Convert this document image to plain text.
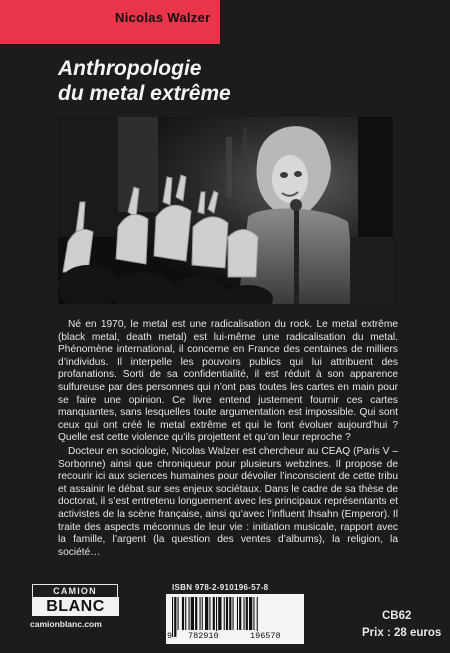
Nicolas Walzer
Anthropologie
du metal extrême

Né en 1970, le metal est une radicalisation du rock. Le metal extrême (black metal, death metal) est lui-même une radicalisation du metal. Phénomène international, il concerne en France des centaines de milliers d’individus. Il interpelle les pouvoirs publics qui lui attribuent des profanations. Sorti de sa confidentialité, il est réduit à son apparence sulfureuse par des personnes qui n’ont pas toutes les cartes en main pour se faire une opinion. Ce livre entend justement fournir ces cartes manquantes, sans lesquelles toute argumentation est impossible. Qui sont ceux qui ont créé le metal extrême et qui le font évoluer aujourd’hui ? Quelle est cette violence qu’ils projettent et qu’on leur reproche ?

Docteur en sociologie, Nicolas Walzer est chercheur au CEAQ (Paris V – Sorbonne) ainsi que chroniqueur pour plusieurs webzines. Il propose de recourir ici aux sciences humaines pour dévoiler l’inconscient de cette tribu et assainir le débat sur ses enjeux sociétaux. Dans le cadre de sa thèse de doctorat, il s’est entretenu longuement avec les principaux représentants et activistes de la scène française, ainsi qu’avec l’influent Ihsahn (Emperor). Il traite des aspects méconnus de leur vie : initiation musicale, rapport avec la famille, l’argent (la question des ventes d’albums), la religion, la société…

CAMION
BLANC
camionblanc.com
ISBN 978-2-910196-57-8
9 782910	196578
CB62
Prix : 28 euros
